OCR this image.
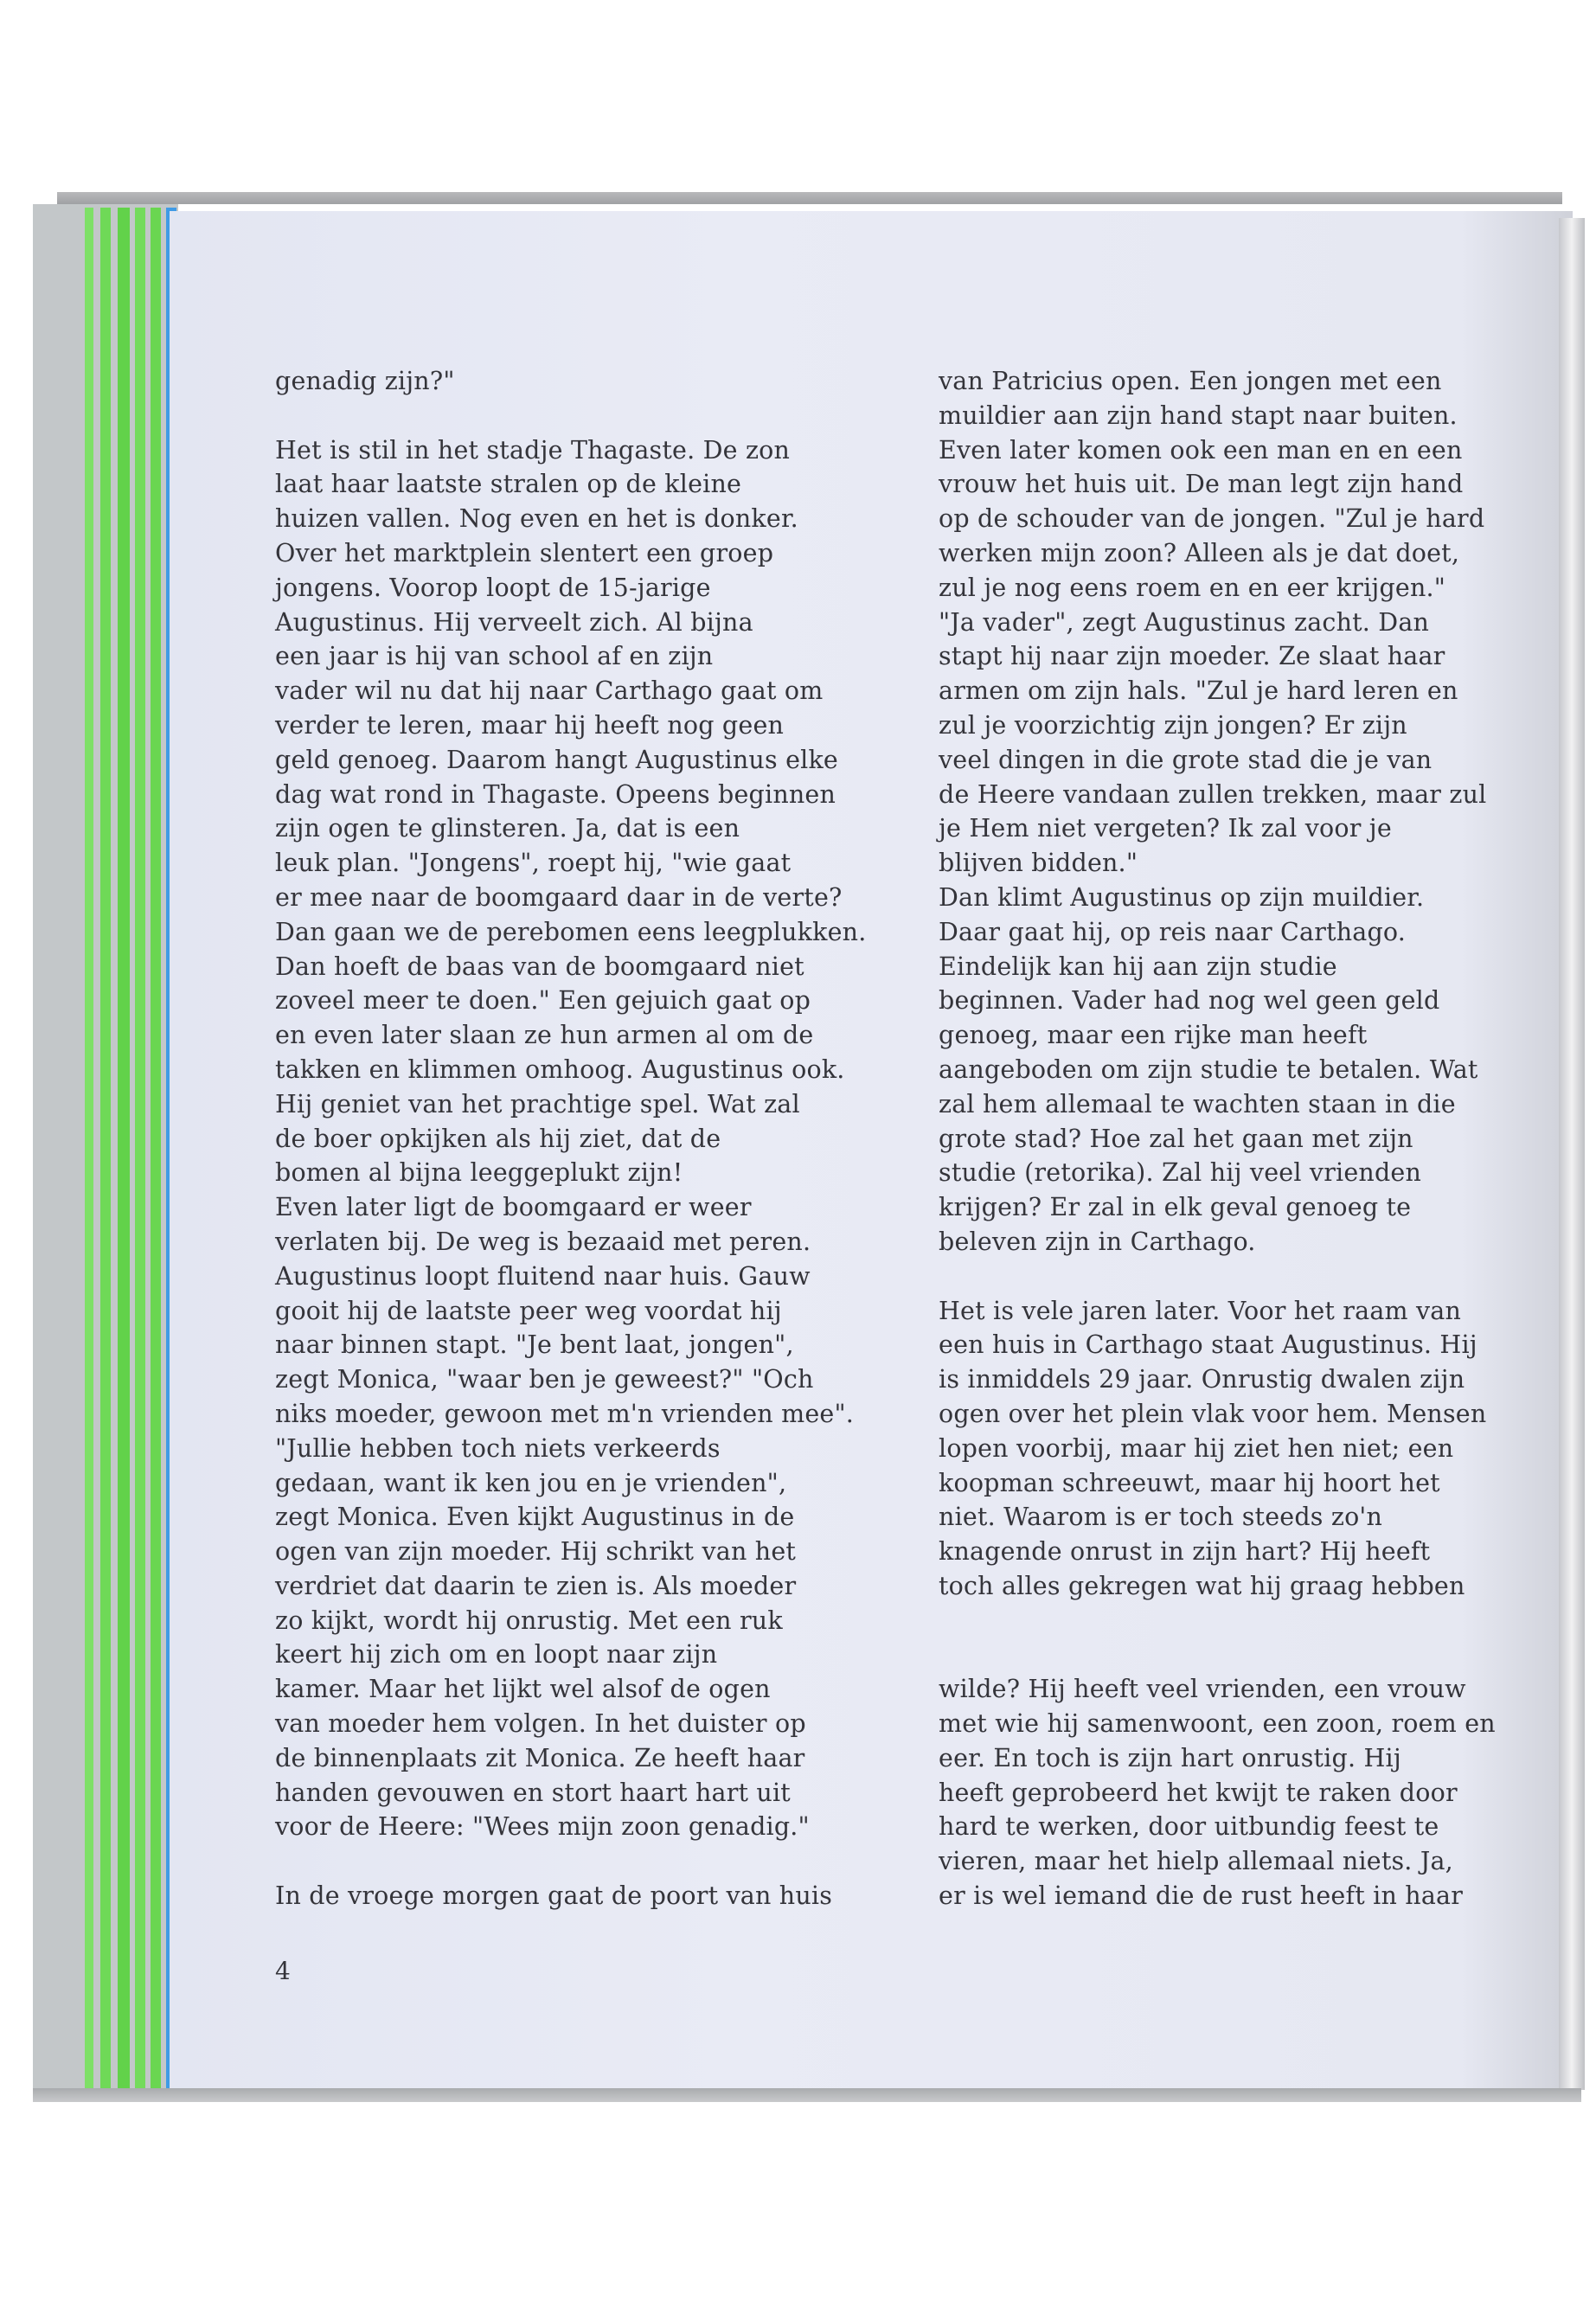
genadig zijn?"

Het is stil in het stadje Thagaste. De zon
laat haar laatste stralen op de kleine
huizen vallen. Nog even en het is donker.
Over het marktplein slentert een groep
jongens. Voorop loopt de 15-jarige
Augustinus. Hij verveelt zich. Al bijna
een jaar is hij van school af en zijn
vader wil nu dat hij naar Carthago gaat om
verder te leren, maar hij heeft nog geen
geld genoeg. Daarom hangt Augustinus elke
dag wat rond in Thagaste. Opeens beginnen
zijn ogen te glinsteren. Ja, dat is een
leuk plan. "Jongens", roept hij, "wie gaat
er mee naar de boomgaard daar in de verte?
Dan gaan we de perebomen eens leegplukken.
Dan hoeft de baas van de boomgaard niet
zoveel meer te doen." Een gejuich gaat op
en even later slaan ze hun armen al om de
takken en klimmen omhoog. Augustinus ook.
Hij geniet van het prachtige spel. Wat zal
de boer opkijken als hij ziet, dat de
bomen al bijna leeggeplukt zijn!
Even later ligt de boomgaard er weer
verlaten bij. De weg is bezaaid met peren.
Augustinus loopt fluitend naar huis. Gauw
gooit hij de laatste peer weg voordat hij
naar binnen stapt. "Je bent laat, jongen",
zegt Monica, "waar ben je geweest?" "Och
niks moeder, gewoon met m'n vrienden mee".
"Jullie hebben toch niets verkeerds
gedaan, want ik ken jou en je vrienden",
zegt Monica. Even kijkt Augustinus in de
ogen van zijn moeder. Hij schrikt van het
verdriet dat daarin te zien is. Als moeder
zo kijkt, wordt hij onrustig. Met een ruk
keert hij zich om en loopt naar zijn
kamer. Maar het lijkt wel alsof de ogen
van moeder hem volgen. In het duister op
de binnenplaats zit Monica. Ze heeft haar
handen gevouwen en stort haart hart uit
voor de Heere: "Wees mijn zoon genadig."

In de vroege morgen gaat de poort van huis

van Patricius open. Een jongen met een
muildier aan zijn hand stapt naar buiten.
Even later komen ook een man en en een
vrouw het huis uit. De man legt zijn hand
op de schouder van de jongen. "Zul je hard
werken mijn zoon? Alleen als je dat doet,
zul je nog eens roem en en eer krijgen."
"Ja vader", zegt Augustinus zacht. Dan
stapt hij naar zijn moeder. Ze slaat haar
armen om zijn hals. "Zul je hard leren en
zul je voorzichtig zijn jongen? Er zijn
veel dingen in die grote stad die je van
de Heere vandaan zullen trekken, maar zul
je Hem niet vergeten? Ik zal voor je
blijven bidden."
Dan klimt Augustinus op zijn muildier.
Daar gaat hij, op reis naar Carthago.
Eindelijk kan hij aan zijn studie
beginnen. Vader had nog wel geen geld
genoeg, maar een rijke man heeft
aangeboden om zijn studie te betalen. Wat
zal hem allemaal te wachten staan in die
grote stad? Hoe zal het gaan met zijn
studie (retorika). Zal hij veel vrienden
krijgen? Er zal in elk geval genoeg te
beleven zijn in Carthago.

Het is vele jaren later. Voor het raam van
een huis in Carthago staat Augustinus. Hij
is inmiddels 29 jaar. Onrustig dwalen zijn
ogen over het plein vlak voor hem. Mensen
lopen voorbij, maar hij ziet hen niet; een
koopman schreeuwt, maar hij hoort het
niet. Waarom is er toch steeds zo'n
knagende onrust in zijn hart? Hij heeft
toch alles gekregen wat hij graag hebben

wilde? Hij heeft veel vrienden, een vrouw
met wie hij samenwoont, een zoon, roem en
eer. En toch is zijn hart onrustig. Hij
heeft geprobeerd het kwijt te raken door
hard te werken, door uitbundig feest te
vieren, maar het hielp allemaal niets. Ja,
er is wel iemand die de rust heeft in haar

4
